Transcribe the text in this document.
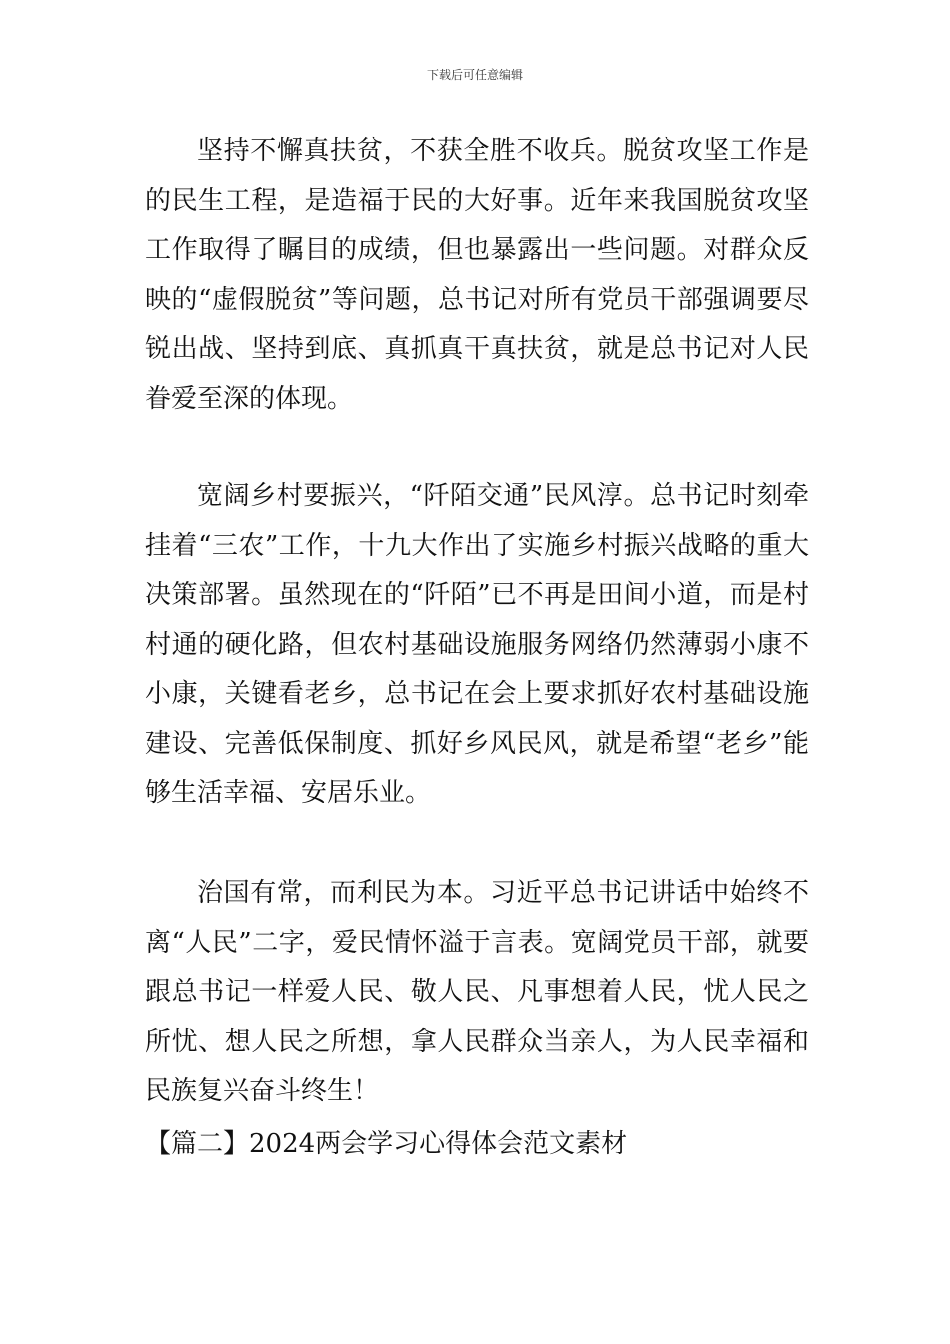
下载后可任意编辑

坚持不懈真扶贫，不获全胜不收兵。脱贫攻坚工作是的民生工程，是造福于民的大好事。近年来我国脱贫攻坚工作取得了瞩目的成绩，但也暴露出一些问题。对群众反映的“虚假脱贫”等问题，总书记对所有党员干部强调要尽锐出战、坚持到底、真抓真干真扶贫，就是总书记对人民眷爱至深的体现。

宽阔乡村要振兴，“阡陌交通”民风淳。总书记时刻牵挂着“三农”工作，十九大作出了实施乡村振兴战略的重大决策部署。虽然现在的“阡陌”已不再是田间小道，而是村村通的硬化路，但农村基础设施服务网络仍然薄弱小康不小康，关键看老乡，总书记在会上要求抓好农村基础设施建设、完善低保制度、抓好乡风民风，就是希望“老乡”能够生活幸福、安居乐业。

治国有常，而利民为本。习近平总书记讲话中始终不离“人民”二字，爱民情怀溢于言表。宽阔党员干部，就要跟总书记一样爱人民、敬人民、凡事想着人民，忧人民之所忧、想人民之所想，拿人民群众当亲人，为人民幸福和民族复兴奋斗终生！

【篇二】2024两会学习心得体会范文素材
